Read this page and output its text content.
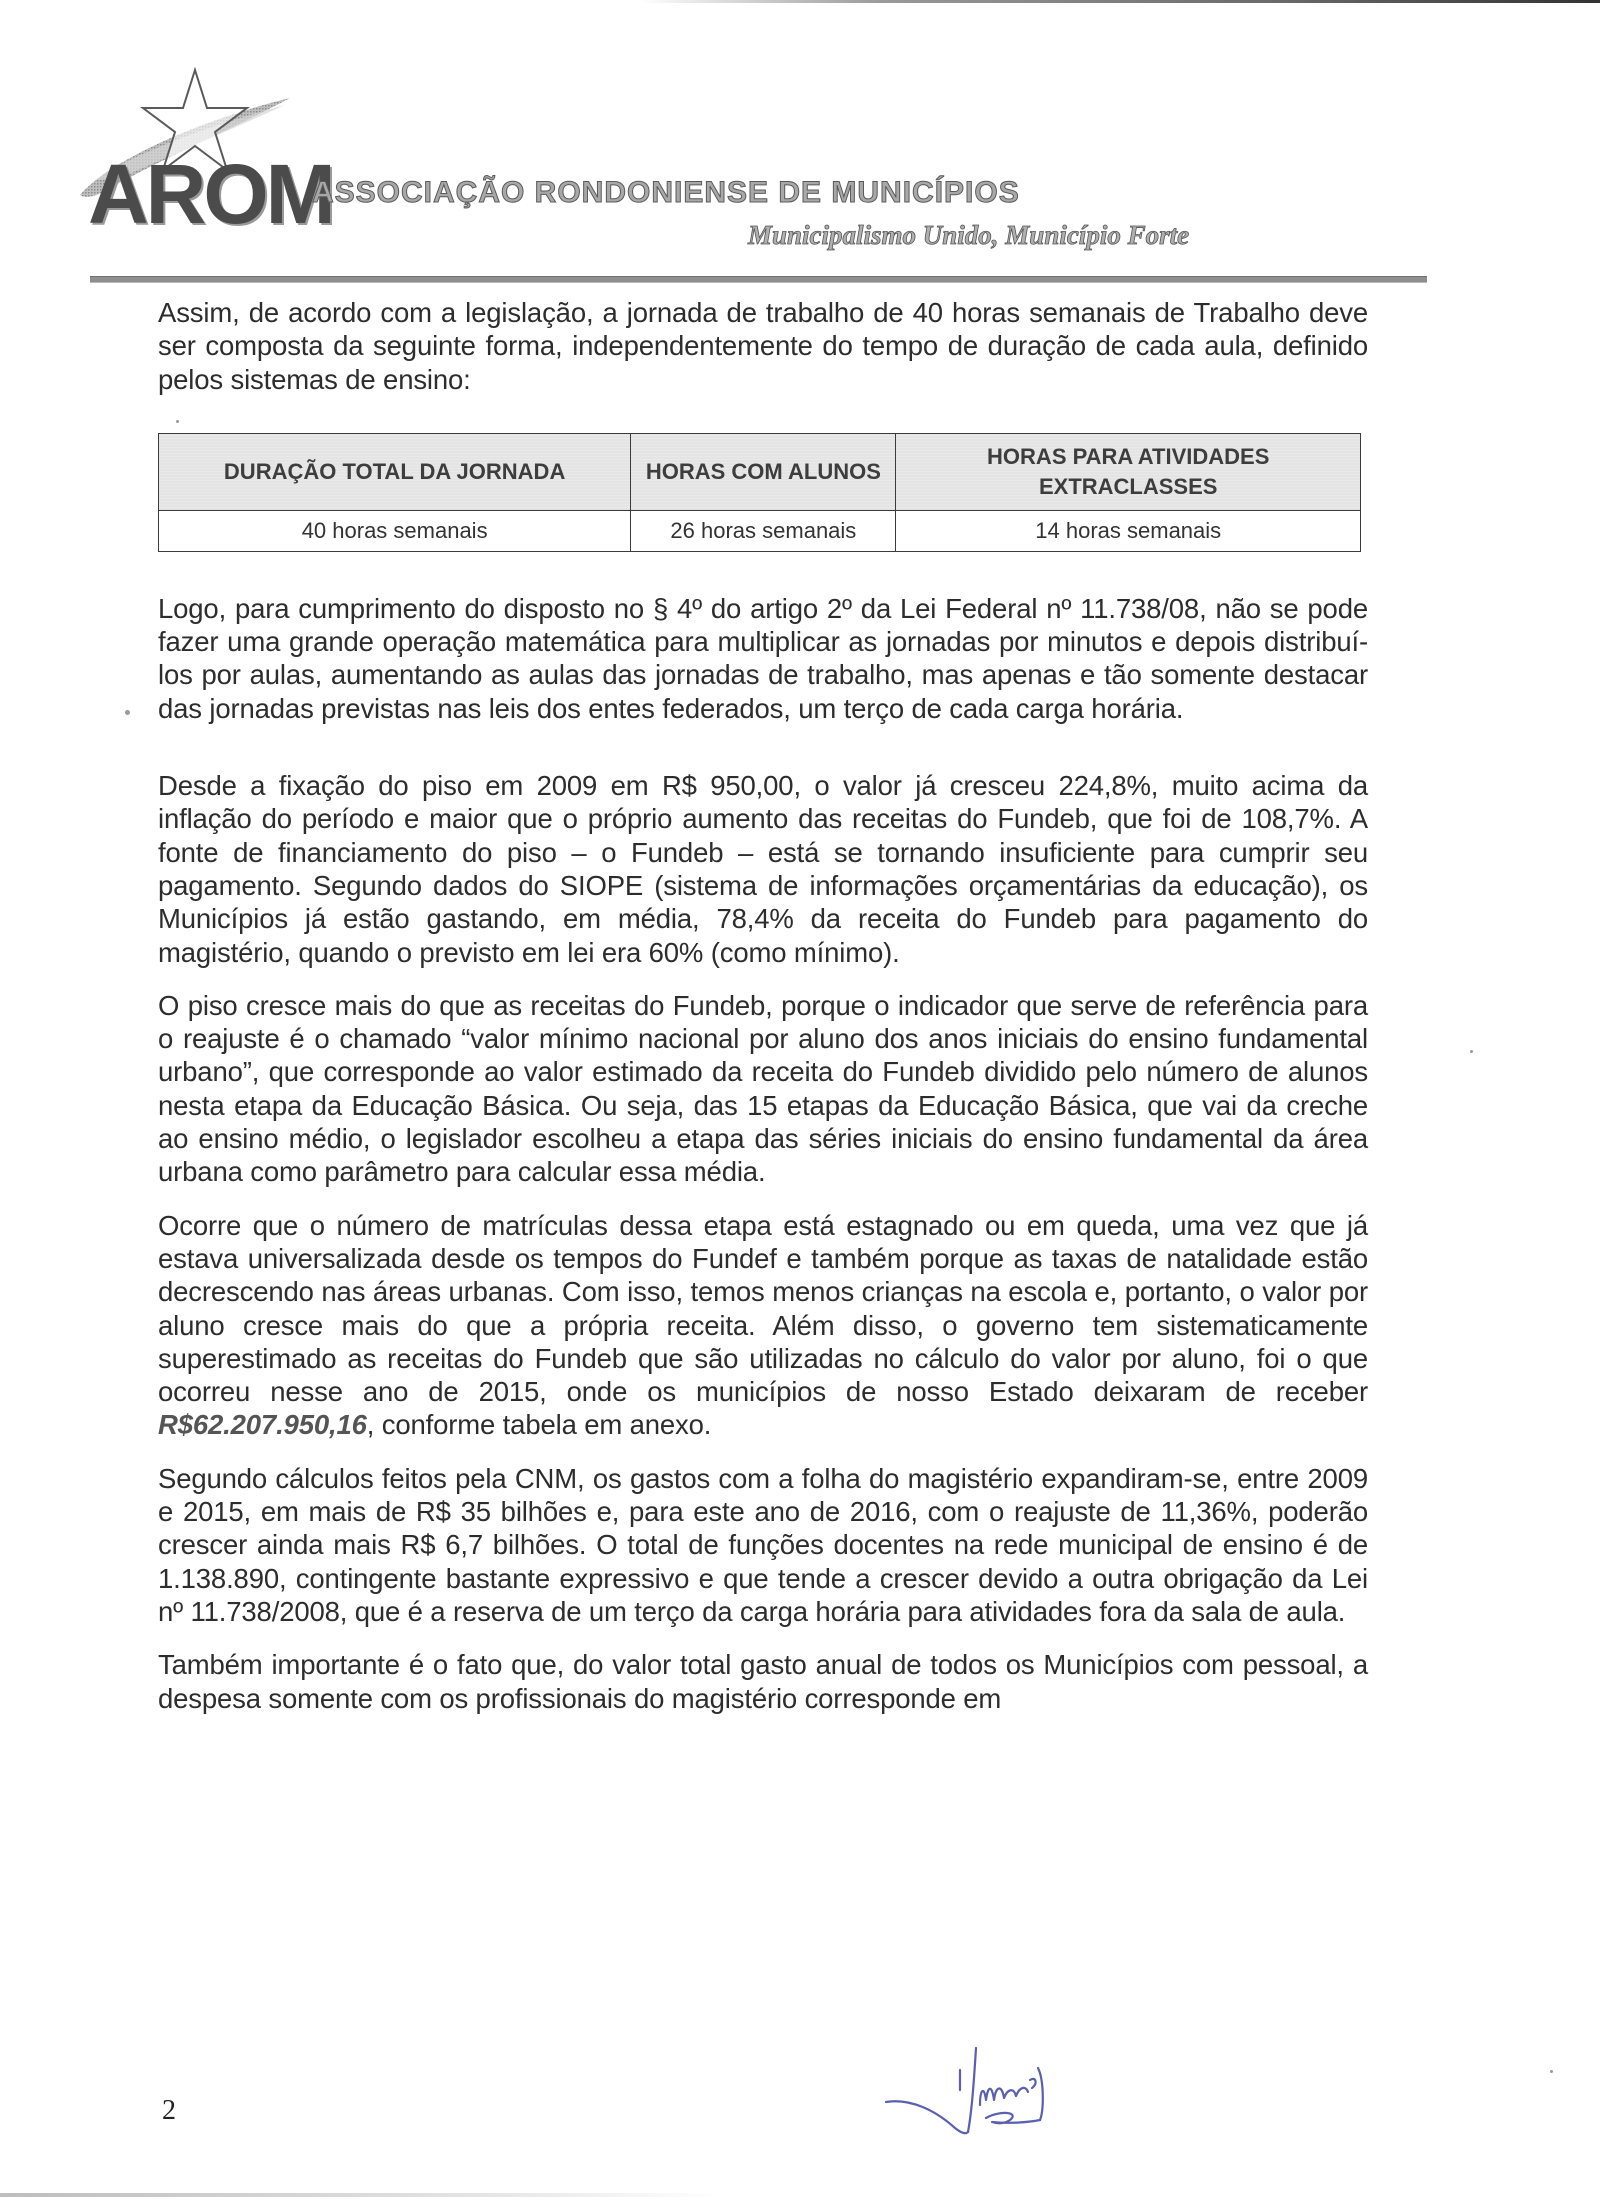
AROM
ASSOCIAÇÃO RONDONIENSE DE MUNICÍPIOS
Municipalismo Unido, Município Forte

Assim, de acordo com a legislação, a jornada de trabalho de 40 horas semanais de Trabalho deve ser composta da seguinte forma, independentemente do tempo de duração de cada aula, definido pelos sistemas de ensino:

DURAÇÃO TOTAL DA JORNADA	HORAS COM ALUNOS	HORAS PARA ATIVIDADES EXTRACLASSES
40 horas semanais	26 horas semanais	14 horas semanais

Logo, para cumprimento do disposto no § 4º do artigo 2º da Lei Federal nº 11.738/08, não se pode fazer uma grande operação matemática para multiplicar as jornadas por minutos e depois distribuí-los por aulas, aumentando as aulas das jornadas de trabalho, mas apenas e tão somente destacar das jornadas previstas nas leis dos entes federados, um terço de cada carga horária.

Desde a fixação do piso em 2009 em R$ 950,00, o valor já cresceu 224,8%, muito acima da inflação do período e maior que o próprio aumento das receitas do Fundeb, que foi de 108,7%. A fonte de financiamento do piso – o Fundeb – está se tornando insuficiente para cumprir seu pagamento. Segundo dados do SIOPE (sistema de informações orçamentárias da educação), os Municípios já estão gastando, em média, 78,4% da receita do Fundeb para pagamento do magistério, quando o previsto em lei era 60% (como mínimo).

O piso cresce mais do que as receitas do Fundeb, porque o indicador que serve de referência para o reajuste é o chamado “valor mínimo nacional por aluno dos anos iniciais do ensino fundamental urbano”, que corresponde ao valor estimado da receita do Fundeb dividido pelo número de alunos nesta etapa da Educação Básica. Ou seja, das 15 etapas da Educação Básica, que vai da creche ao ensino médio, o legislador escolheu a etapa das séries iniciais do ensino fundamental da área urbana como parâmetro para calcular essa média.

Ocorre que o número de matrículas dessa etapa está estagnado ou em queda, uma vez que já estava universalizada desde os tempos do Fundef e também porque as taxas de natalidade estão decrescendo nas áreas urbanas. Com isso, temos menos crianças na escola e, portanto, o valor por aluno cresce mais do que a própria receita. Além disso, o governo tem sistematicamente superestimado as receitas do Fundeb que são utilizadas no cálculo do valor por aluno, foi o que ocorreu nesse ano de 2015, onde os municípios de nosso Estado deixaram de receber R$62.207.950,16, conforme tabela em anexo.

Segundo cálculos feitos pela CNM, os gastos com a folha do magistério expandiram-se, entre 2009 e 2015, em mais de R$ 35 bilhões e, para este ano de 2016, com o reajuste de 11,36%, poderão crescer ainda mais R$ 6,7 bilhões. O total de funções docentes na rede municipal de ensino é de 1.138.890, contingente bastante expressivo e que tende a crescer devido a outra obrigação da Lei nº 11.738/2008, que é a reserva de um terço da carga horária para atividades fora da sala de aula.

Também importante é o fato que, do valor total gasto anual de todos os Municípios com pessoal, a despesa somente com os profissionais do magistério corresponde em

2
